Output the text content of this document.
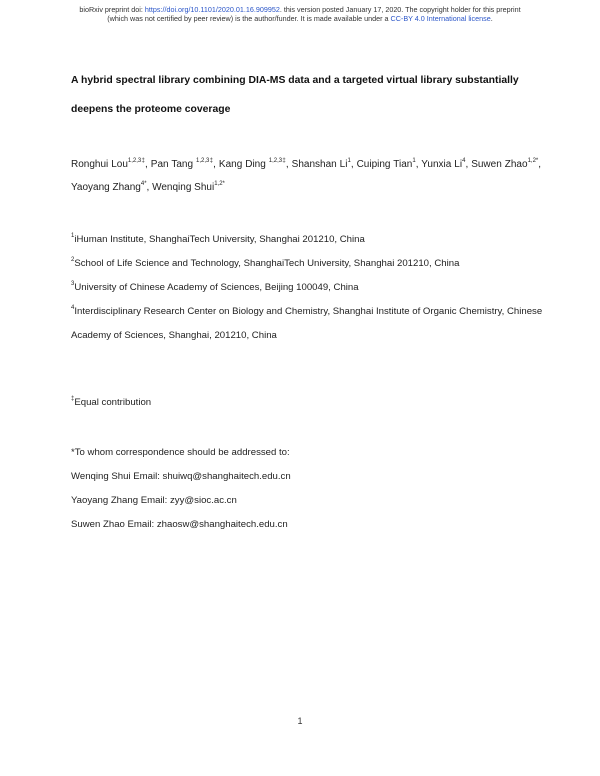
bioRxiv preprint doi: https://doi.org/10.1101/2020.01.16.909952. this version posted January 17, 2020. The copyright holder for this preprint
(which was not certified by peer review) is the author/funder. It is made available under a CC-BY 4.0 International license.
A hybrid spectral library combining DIA-MS data and a targeted virtual library substantially deepens the proteome coverage
Ronghui Lou$^{1,2,3\ddagger}$, Pan Tang $^{1,2,3\ddagger}$, Kang Ding $^{1,2,3\ddagger}$, Shanshan Li$^1$, Cuiping Tian$^1$, Yunxia Li$^4$, Suwen Zhao$^{1,2*}$, Yaoyang Zhang$^{4*}$, Wenqing Shui$^{1,2*}$

$^1$iHuman Institute, ShanghaiTech University, Shanghai 201210, China

$^2$School of Life Science and Technology, ShanghaiTech University, Shanghai 201210, China

$^3$University of Chinese Academy of Sciences, Beijing 100049, China

$^4$Interdisciplinary Research Center on Biology and Chemistry, Shanghai Institute of Organic Chemistry, Chinese Academy of Sciences, Shanghai, 201210, China

‡Equal contribution

*To whom correspondence should be addressed to:

Wenqing Shui Email: shuiwq@shanghaitech.edu.cn

Yaoyang Zhang Email: zyy@sioc.ac.cn

Suwen Zhao Email: zhaosw@shanghaitech.edu.cn

1
